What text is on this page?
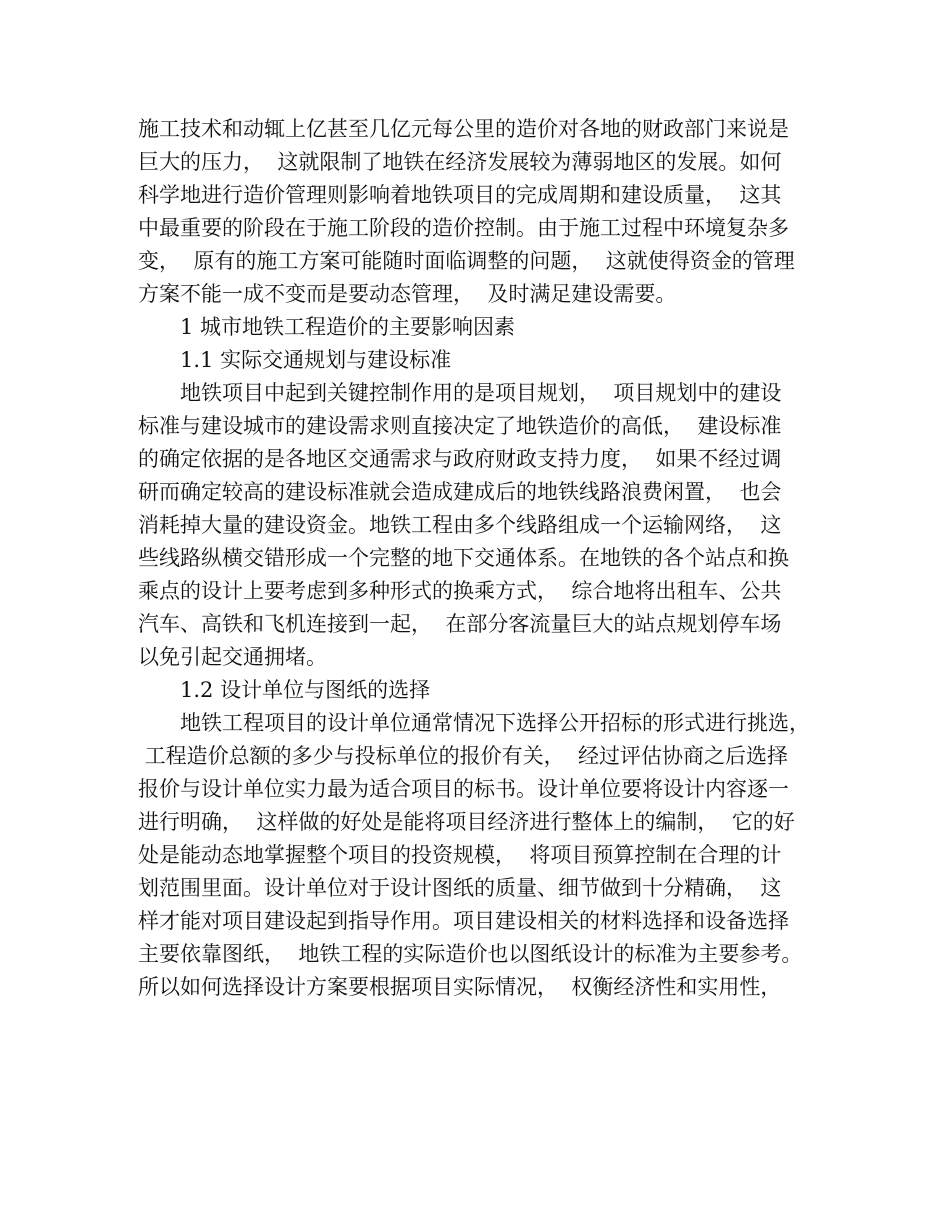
施工技术和动辄上亿甚至几亿元每公里的造价对各地的财政部门来说是
巨大的压力，  这就限制了地铁在经济发展较为薄弱地区的发展。如何
科学地进行造价管理则影响着地铁项目的完成周期和建设质量，  这其
中最重要的阶段在于施工阶段的造价控制。由于施工过程中环境复杂多
变，  原有的施工方案可能随时面临调整的问题，  这就使得资金的管理
方案不能一成不变而是要动态管理，  及时满足建设需要。
1 城市地铁工程造价的主要影响因素
1.1 实际交通规划与建设标准
地铁项目中起到关键控制作用的是项目规划，  项目规划中的建设
标准与建设城市的建设需求则直接决定了地铁造价的高低，  建设标准
的确定依据的是各地区交通需求与政府财政支持力度，  如果不经过调
研而确定较高的建设标准就会造成建成后的地铁线路浪费闲置，  也会
消耗掉大量的建设资金。地铁工程由多个线路组成一个运输网络，  这
些线路纵横交错形成一个完整的地下交通体系。在地铁的各个站点和换
乘点的设计上要考虑到多种形式的换乘方式，  综合地将出租车、公共
汽车、高铁和飞机连接到一起，  在部分客流量巨大的站点规划停车场
以免引起交通拥堵。
1.2 设计单位与图纸的选择
地铁工程项目的设计单位通常情况下选择公开招标的形式进行挑选，
工程造价总额的多少与投标单位的报价有关，  经过评估协商之后选择
报价与设计单位实力最为适合项目的标书。设计单位要将设计内容逐一
进行明确，  这样做的好处是能将项目经济进行整体上的编制，  它的好
处是能动态地掌握整个项目的投资规模，  将项目预算控制在合理的计
划范围里面。设计单位对于设计图纸的质量、细节做到十分精确，  这
样才能对项目建设起到指导作用。项目建设相关的材料选择和设备选择
主要依靠图纸，  地铁工程的实际造价也以图纸设计的标准为主要参考。
所以如何选择设计方案要根据项目实际情况，  权衡经济性和实用性，
